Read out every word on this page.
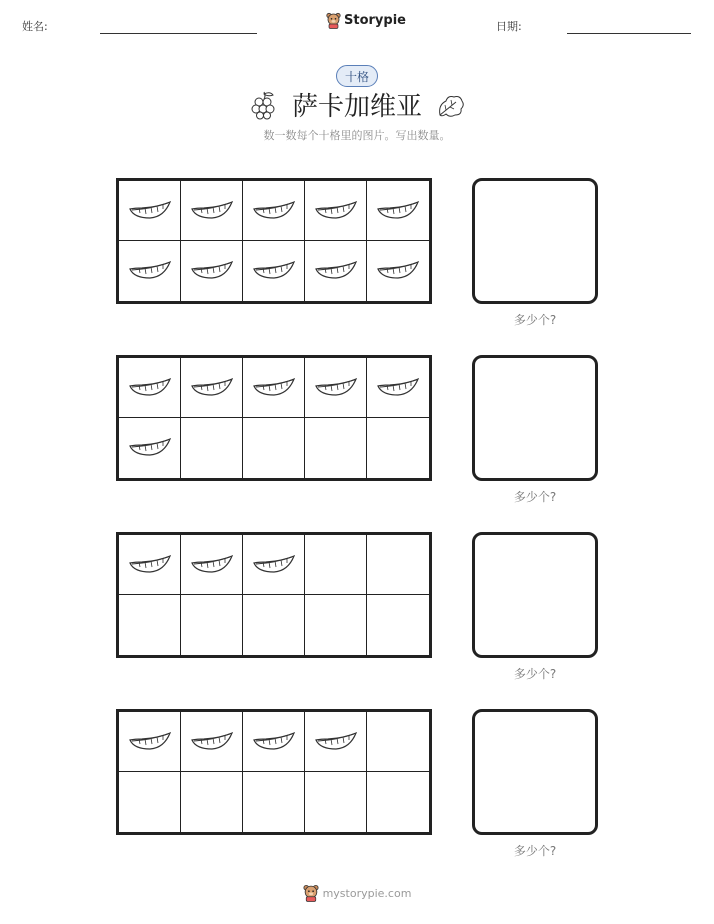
姓名:	Storypie	日期:
十格
萨卡加维亚
数一数每个十格里的图片。写出数量。
多少个?
多少个?
多少个?
多少个?
mystorypie.com
